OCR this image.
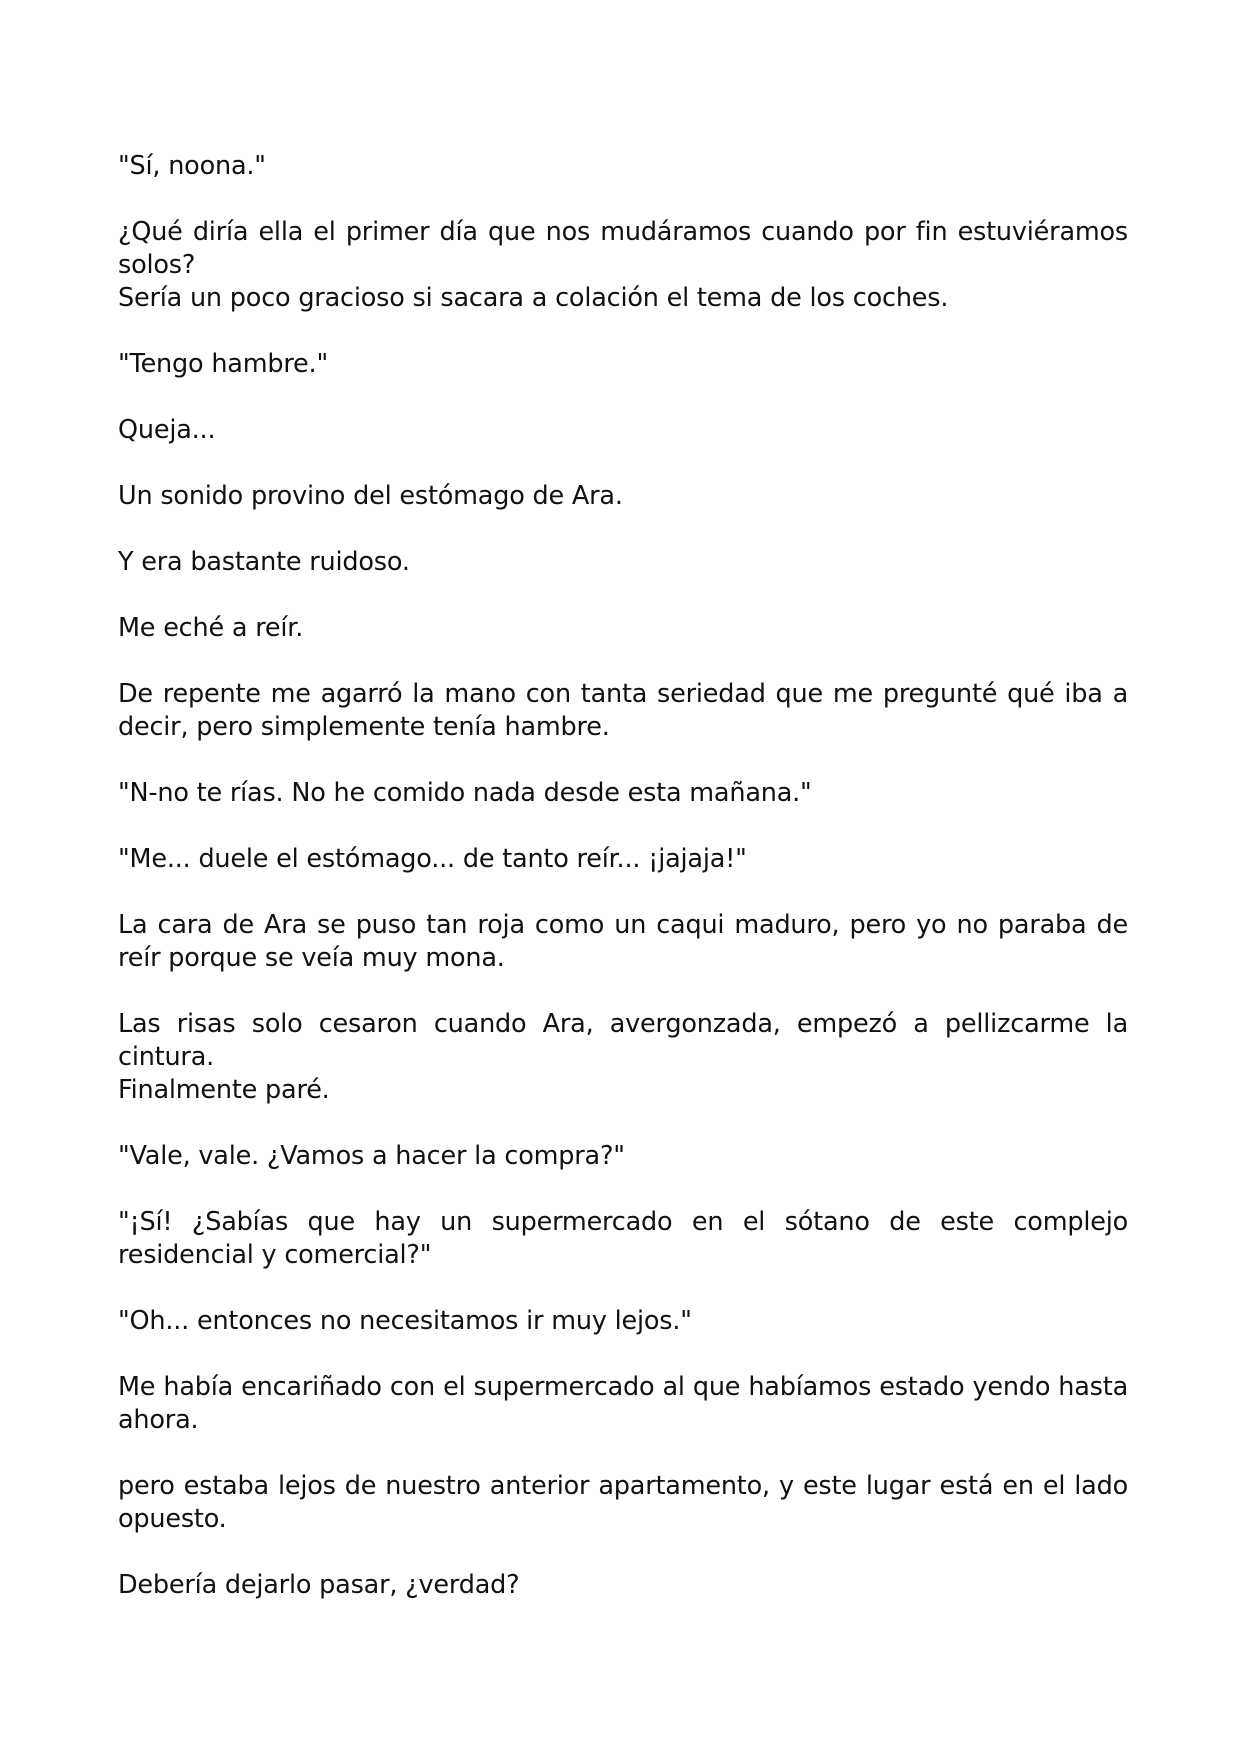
"Sí, noona."

¿Qué diría ella el primer día que nos mudáramos cuando por fin estuviéramos solos?

Sería un poco gracioso si sacara a colación el tema de los coches.

"Tengo hambre."

Queja...

Un sonido provino del estómago de Ara.

Y era bastante ruidoso.

Me eché a reír.

De repente me agarró la mano con tanta seriedad que me pregunté qué iba a decir, pero simplemente tenía hambre.

"N-no te rías. No he comido nada desde esta mañana."

"Me... duele el estómago... de tanto reír... ¡jajaja!"

La cara de Ara se puso tan roja como un caqui maduro, pero yo no paraba de reír porque se veía muy mona.

Las risas solo cesaron cuando Ara, avergonzada, empezó a pellizcarme la cintura.

Finalmente paré.

"Vale, vale. ¿Vamos a hacer la compra?"

"¡Sí! ¿Sabías que hay un supermercado en el sótano de este complejo residencial y comercial?"

"Oh... entonces no necesitamos ir muy lejos."

Me había encariñado con el supermercado al que habíamos estado yendo hasta ahora.

pero estaba lejos de nuestro anterior apartamento, y este lugar está en el lado opuesto.

Debería dejarlo pasar, ¿verdad?
